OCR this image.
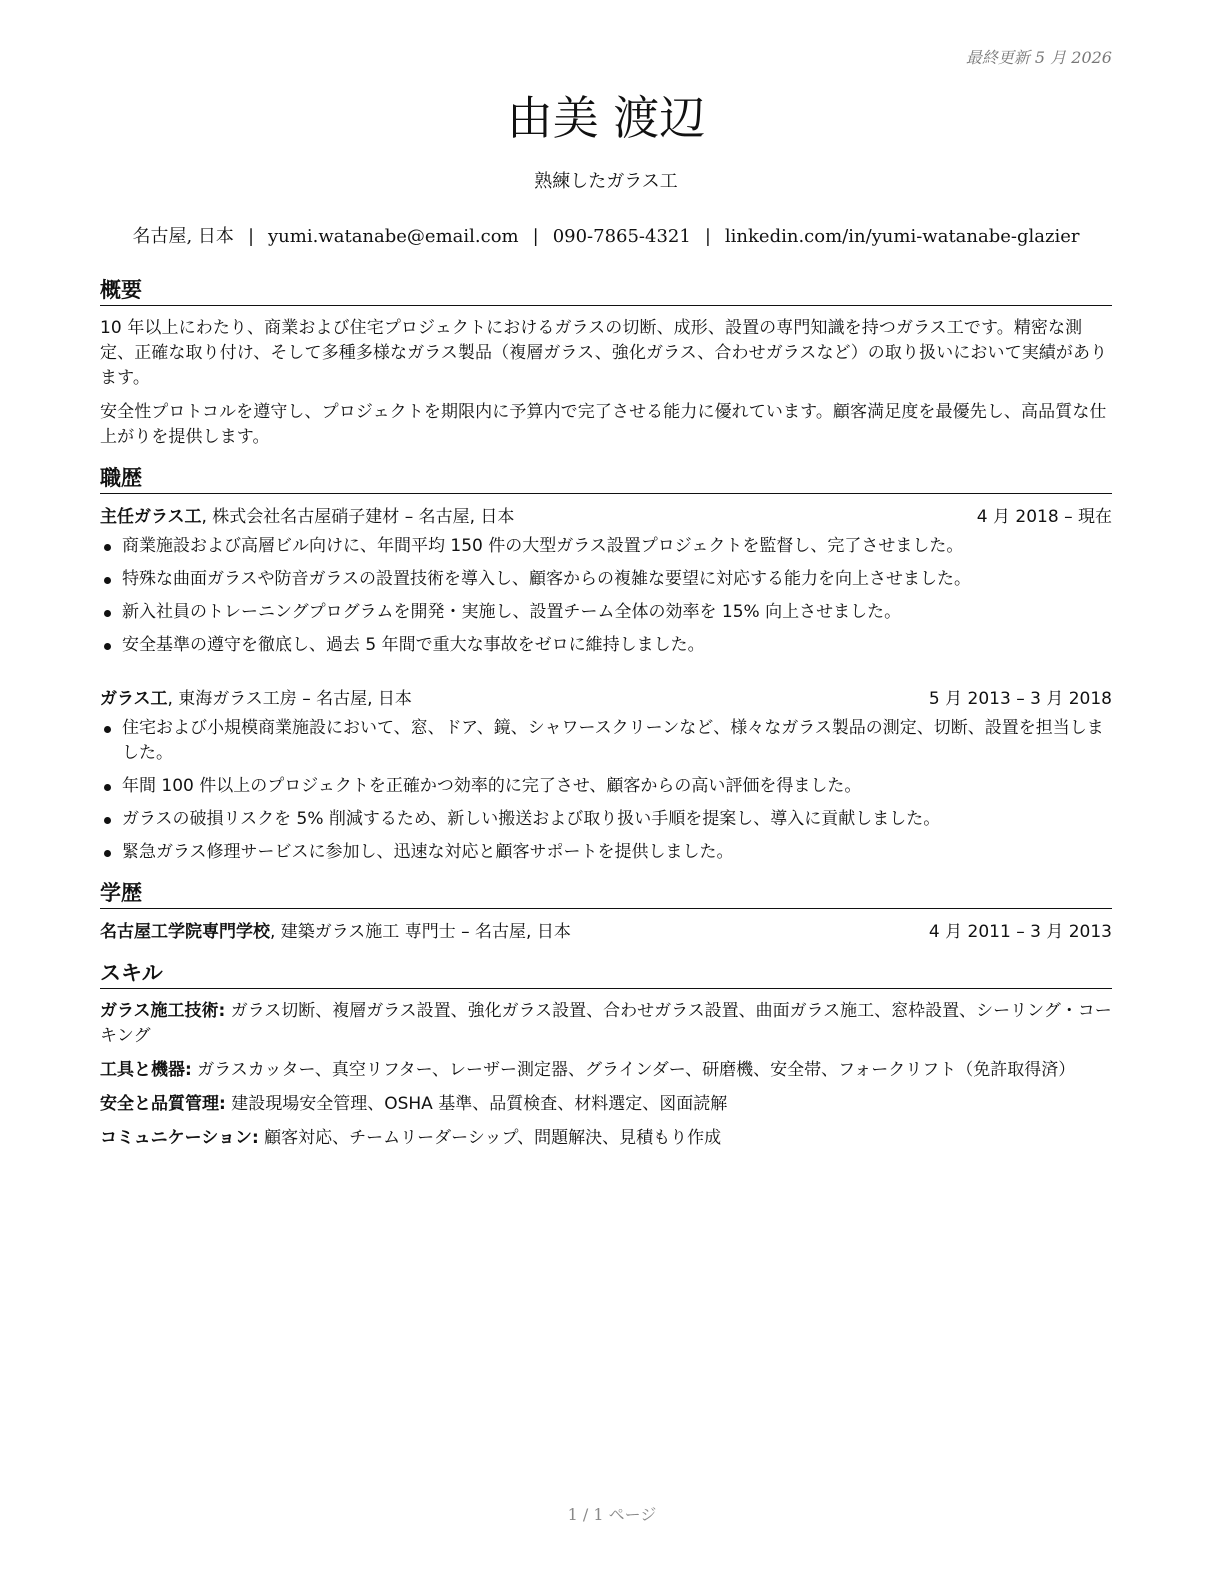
最終更新 5 月 2026
由美 渡辺
熟練したガラス工
名古屋, 日本 | yumi.watanabe@email.com | 090-7865-4321 | linkedin.com/in/yumi-watanabe-glazier
概要

10 年以上にわたり、商業および住宅プロジェクトにおけるガラスの切断、成形、設置の専門知識を持つガラス工です。精密な測定、正確な取り付け、そして多種多様なガラス製品（複層ガラス、強化ガラス、合わせガラスなど）の取り扱いにおいて実績があります。

安全性プロトコルを遵守し、プロジェクトを期限内に予算内で完了させる能力に優れています。顧客満足度を最優先し、高品質な仕上がりを提供します。

職歴
主任ガラス工, 株式会社名古屋硝子建材 – 名古屋, 日本	4 月 2018 – 現在
商業施設および高層ビル向けに、年間平均 150 件の大型ガラス設置プロジェクトを監督し、完了させました。
特殊な曲面ガラスや防音ガラスの設置技術を導入し、顧客からの複雑な要望に対応する能力を向上させました。
新入社員のトレーニングプログラムを開発・実施し、設置チーム全体の効率を 15% 向上させました。
安全基準の遵守を徹底し、過去 5 年間で重大な事故をゼロに維持しました。
ガラス工, 東海ガラス工房 – 名古屋, 日本	5 月 2013 – 3 月 2018
住宅および小規模商業施設において、窓、ドア、鏡、シャワースクリーンなど、様々なガラス製品の測定、切断、設置を担当しました。
年間 100 件以上のプロジェクトを正確かつ効率的に完了させ、顧客からの高い評価を得ました。
ガラスの破損リスクを 5% 削減するため、新しい搬送および取り扱い手順を提案し、導入に貢献しました。
緊急ガラス修理サービスに参加し、迅速な対応と顧客サポートを提供しました。
学歴
名古屋工学院専門学校, 建築ガラス施工 専門士 – 名古屋, 日本	4 月 2011 – 3 月 2013
スキル

ガラス施工技術: ガラス切断、複層ガラス設置、強化ガラス設置、合わせガラス設置、曲面ガラス施工、窓枠設置、シーリング・コーキング

工具と機器: ガラスカッター、真空リフター、レーザー測定器、グラインダー、研磨機、安全帯、フォークリフト（免許取得済）

安全と品質管理: 建設現場安全管理、OSHA 基準、品質検査、材料選定、図面読解

コミュニケーション: 顧客対応、チームリーダーシップ、問題解決、見積もり作成

1 / 1 ページ
